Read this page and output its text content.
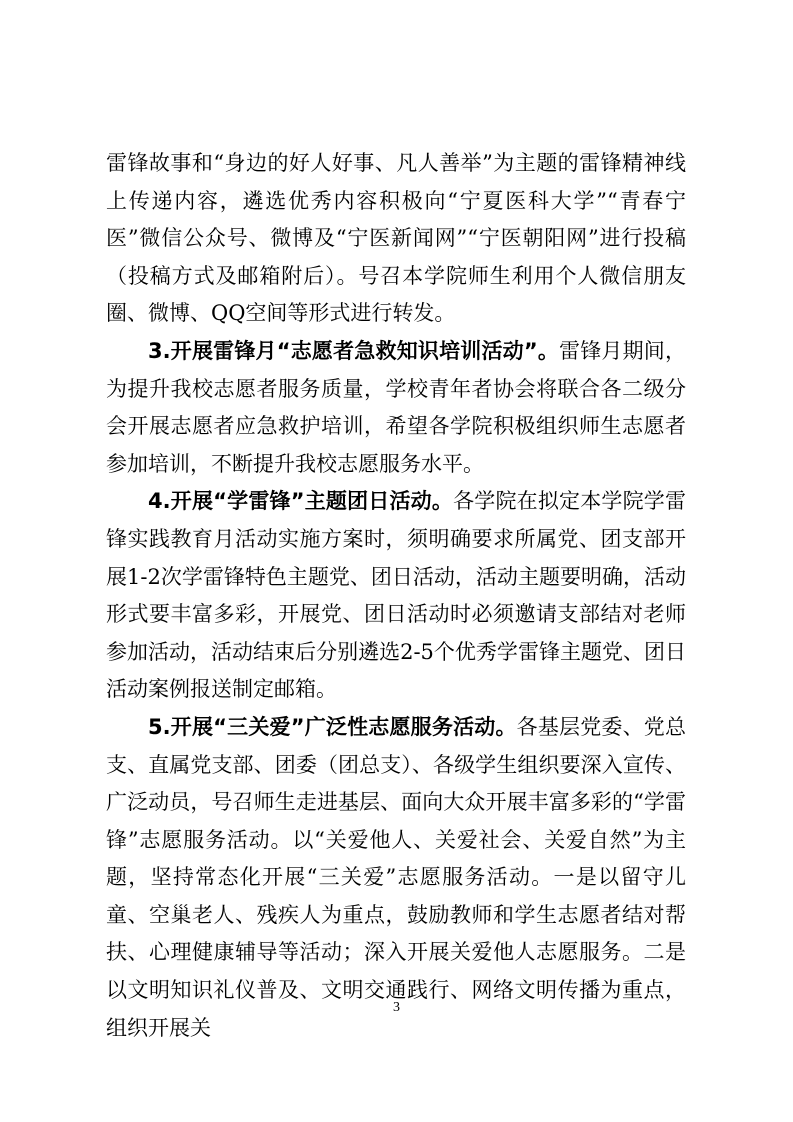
雷锋故事和“身边的好人好事、凡人善举”为主题的雷锋精神线上传递内容，遴选优秀内容积极向“宁夏医科大学”“青春宁医”微信公众号、微博及“宁医新闻网”“宁医朝阳网”进行投稿（投稿方式及邮箱附后）。号召本学院师生利用个人微信朋友圈、微博、QQ空间等形式进行转发。

3.开展雷锋月“志愿者急救知识培训活动”。雷锋月期间，为提升我校志愿者服务质量，学校青年者协会将联合各二级分会开展志愿者应急救护培训，希望各学院积极组织师生志愿者参加培训，不断提升我校志愿服务水平。

4.开展“学雷锋”主题团日活动。各学院在拟定本学院学雷锋实践教育月活动实施方案时，须明确要求所属党、团支部开展1-2次学雷锋特色主题党、团日活动，活动主题要明确，活动形式要丰富多彩，开展党、团日活动时必须邀请支部结对老师参加活动，活动结束后分别遴选2-5个优秀学雷锋主题党、团日活动案例报送制定邮箱。

5.开展“三关爱”广泛性志愿服务活动。各基层党委、党总支、直属党支部、团委（团总支）、各级学生组织要深入宣传、广泛动员，号召师生走进基层、面向大众开展丰富多彩的“学雷锋”志愿服务活动。以“关爱他人、关爱社会、关爱自然”为主题，坚持常态化开展“三关爱”志愿服务活动。一是以留守儿童、空巢老人、残疾人为重点，鼓励教师和学生志愿者结对帮扶、心理健康辅导等活动；深入开展关爱他人志愿服务。二是以文明知识礼仪普及、文明交通践行、网络文明传播为重点，组织开展关

3
